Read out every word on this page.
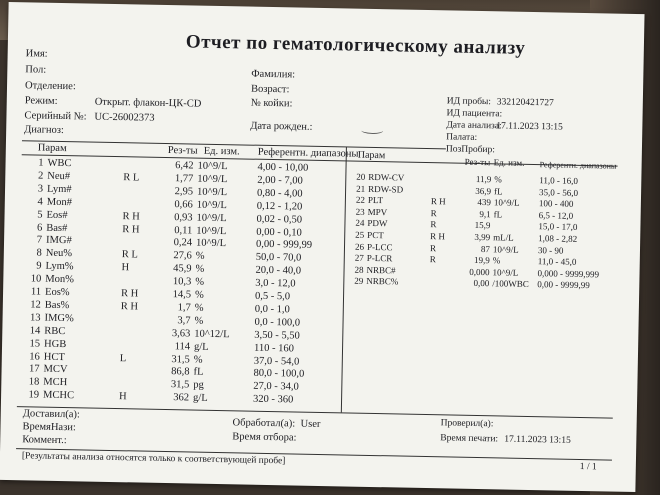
Отчет по гематологическому анализу
Имя:
Пол:
Отделение:
Режим:	Открыт. флакон-ЦК-CD
Серийный №: UC-26002373
Диагноз:
Фамилия:
Возраст:
№ койки:
Дата рожден.:
ИД пробы: 332120421727
ИД пациента:
Дата анализа:
17.11.2023 13:15
Палата:
ПозПробир:
Парам	Рез-ты Ед. изм. Референтн. диапазоны
1 WBC	6,42 10^9/L	4,00 - 10,00
2 Neu#	R L	1,77 10^9/L	2,00 - 7,00
3 Lym#	2,95 10^9/L	0,80 - 4,00
4 Mon#	0,66 10^9/L	0,12 - 1,20
5 Eos#	R H	0,93 10^9/L	0,02 - 0,50
6 Bas#	R H	0,11 10^9/L	0,00 - 0,10
7 IMG#	0,24 10^9/L	0,00 - 999,99
8 Neu%	R L	27,6 %	50,0 - 70,0
9 Lym%	H	45,9 %	20,0 - 40,0
10 Mon%	10,3 %	3,0 - 12,0
11 Eos%	R H	14,5 %	0,5 - 5,0
12 Bas%	R H	1,7 %	0,0 - 1,0
13 IMG%	3,7 %	0,0 - 100,0
14 RBC	3,63 10^12/L 3,50 - 5,50
15 HGB	114 g/L	110 - 160
16 HCT	L	31,5 %	37,0 - 54,0
17 MCV	86,8 fL	80,0 - 100,0
18 MCH	31,5 pg	27,0 - 34,0
19 MCHC	H	362 g/L	320 - 360
Парам
Рез-ты Ед. изм. Референтн. диапазоны
20 RDW-CV	11,9 %	11,0 - 16,0
21 RDW-SD	36,9 fL	35,0 - 56,0
22 PLT	R H	439 10^9/L 100 - 400
23 MPV	R	9,1 fL	6,5 - 12,0
24 PDW	R	15,9	15,0 - 17,0
25 PCT	R H	3,99 mL/L	1,08 - 2,82
26 P-LCC	R	87 10^9/L 30 - 90
27 P-LCR	R	19,9 %	11,0 - 45,0
28 NRBC#	0,000 10^9/L 0,000 - 9999,999
29 NRBC%	0,00 /100WBC 0,00 - 9999,99
Доставил(a):
ВремяНази:
Коммент.:
Обработал(а): User
Время отбора:
Проверил(а):
Время печати: 17.11.2023 13:15
[Результаты анализа относятся только к соответствующей пробе]
1 / 1
